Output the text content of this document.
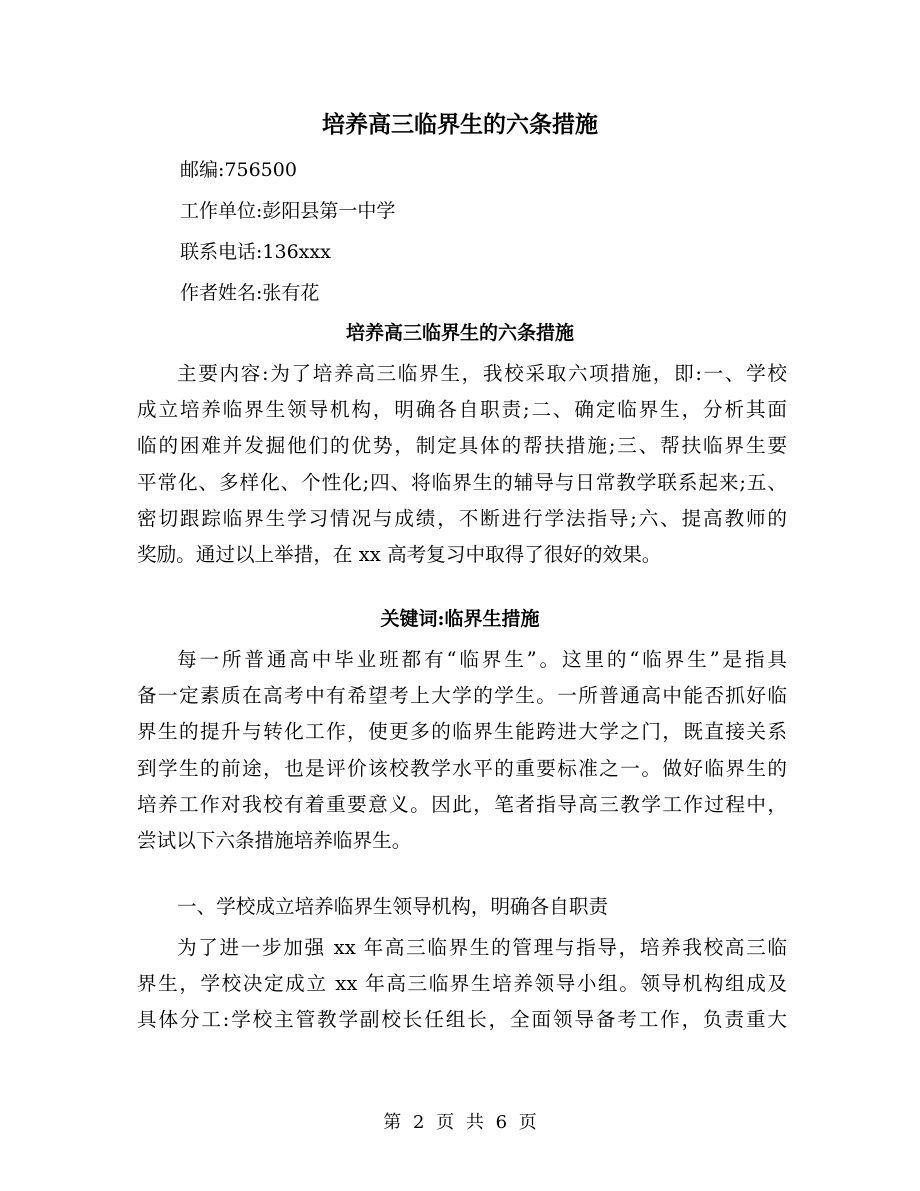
培养高三临界生的六条措施
邮编:756500
工作单位:彭阳县第一中学
联系电话:136xxx
作者姓名:张有花
培养高三临界生的六条措施
主要内容:为了培养高三临界生，我校采取六项措施，即:一、学校
成立培养临界生领导机构，明确各自职责;二、确定临界生，分析其面
临的困难并发掘他们的优势，制定具体的帮扶措施;三、帮扶临界生要
平常化、多样化、个性化;四、将临界生的辅导与日常教学联系起来;五、
密切跟踪临界生学习情况与成绩，不断进行学法指导;六、提高教师的
奖励。通过以上举措，在 xx 高考复习中取得了很好的效果。
关键词:临界生措施
每一所普通高中毕业班都有“临界生”。这里的“临界生”是指具
备一定素质在高考中有希望考上大学的学生。一所普通高中能否抓好临
界生的提升与转化工作，使更多的临界生能跨进大学之门，既直接关系
到学生的前途，也是评价该校教学水平的重要标准之一。做好临界生的
培养工作对我校有着重要意义。因此，笔者指导高三教学工作过程中，
尝试以下六条措施培养临界生。
一、学校成立培养临界生领导机构，明确各自职责
为了进一步加强 xx 年高三临界生的管理与指导，培养我校高三临
界生，学校决定成立 xx 年高三临界生培养领导小组。领导机构组成及
具体分工:学校主管教学副校长任组长，全面领导备考工作，负责重大
第 2 页 共 6 页
